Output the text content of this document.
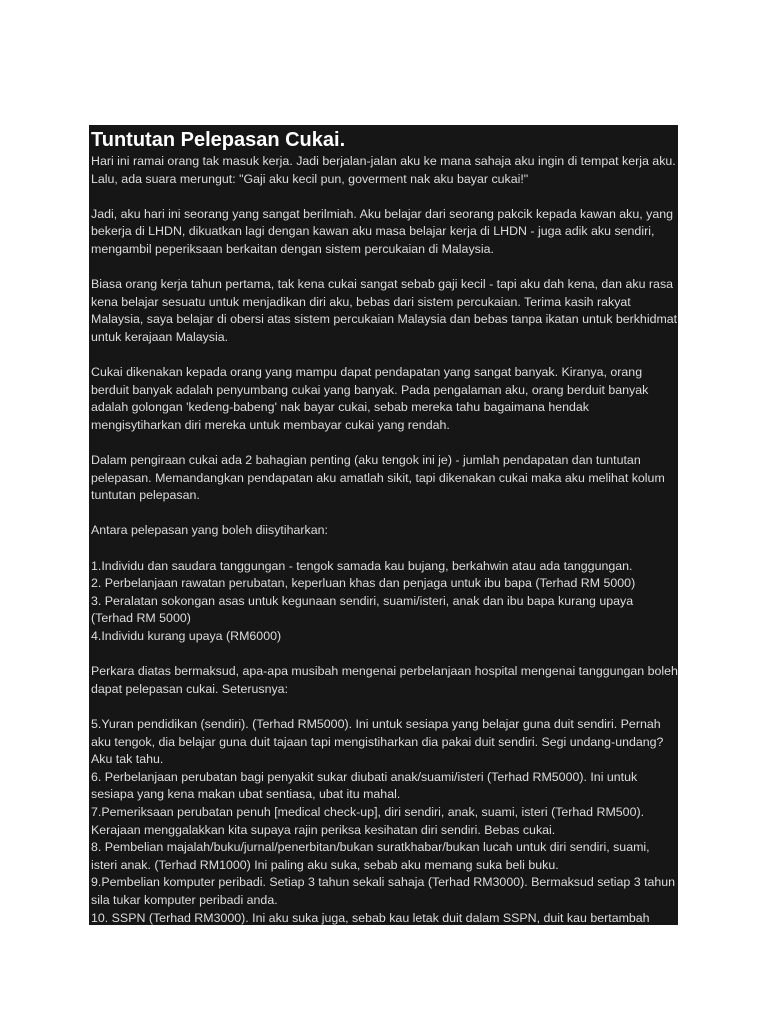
Tuntutan Pelepasan Cukai.

Hari ini ramai orang tak masuk kerja. Jadi berjalan-jalan aku ke mana sahaja aku ingin di tempat kerja aku. Lalu, ada suara merungut: "Gaji aku kecil pun, goverment nak aku bayar cukai!"

Jadi, aku hari ini seorang yang sangat berilmiah. Aku belajar dari seorang pakcik kepada kawan aku, yang bekerja di LHDN, dikuatkan lagi dengan kawan aku masa belajar kerja di LHDN - juga adik aku sendiri, mengambil peperiksaan berkaitan dengan sistem percukaian di Malaysia.

Biasa orang kerja tahun pertama, tak kena cukai sangat sebab gaji kecil - tapi aku dah kena, dan aku rasa kena belajar sesuatu untuk menjadikan diri aku, bebas dari sistem percukaian. Terima kasih rakyat Malaysia, saya belajar di obersi atas sistem percukaian Malaysia dan bebas tanpa ikatan untuk berkhidmat untuk kerajaan Malaysia.

Cukai dikenakan kepada orang yang mampu dapat pendapatan yang sangat banyak. Kiranya, orang berduit banyak adalah penyumbang cukai yang banyak. Pada pengalaman aku, orang berduit banyak adalah golongan 'kedeng-babeng' nak bayar cukai, sebab mereka tahu bagaimana hendak mengisytiharkan diri mereka untuk membayar cukai yang rendah.

Dalam pengiraan cukai ada 2 bahagian penting (aku tengok ini je) - jumlah pendapatan dan tuntutan pelepasan. Memandangkan pendapatan aku amatlah sikit, tapi dikenakan cukai maka aku melihat kolum tuntutan pelepasan.

Antara pelepasan yang boleh diisytiharkan:

1.Individu dan saudara tanggungan - tengok samada kau bujang, berkahwin atau ada tanggungan.

2. Perbelanjaan rawatan perubatan, keperluan khas dan penjaga untuk ibu bapa (Terhad RM 5000)

3. Peralatan sokongan asas untuk kegunaan sendiri, suami/isteri, anak dan ibu bapa kurang upaya (Terhad RM 5000)

4.Individu kurang upaya (RM6000)

Perkara diatas bermaksud, apa-apa musibah mengenai perbelanjaan hospital mengenai tanggungan boleh dapat pelepasan cukai. Seterusnya:

5.Yuran pendidikan (sendiri). (Terhad RM5000). Ini untuk sesiapa yang belajar guna duit sendiri. Pernah aku tengok, dia belajar guna duit tajaan tapi mengistiharkan dia pakai duit sendiri. Segi undang-undang? Aku tak tahu.

6. Perbelanjaan perubatan bagi penyakit sukar diubati anak/suami/isteri (Terhad RM5000). Ini untuk sesiapa yang kena makan ubat sentiasa, ubat itu mahal.

7.Pemeriksaan perubatan penuh [medical check-up], diri sendiri, anak, suami, isteri (Terhad RM500). Kerajaan menggalakkan kita supaya rajin periksa kesihatan diri sendiri. Bebas cukai.

8. Pembelian majalah/buku/jurnal/penerbitan/bukan suratkhabar/bukan lucah untuk diri sendiri, suami, isteri anak. (Terhad RM1000) Ini paling aku suka, sebab aku memang suka beli buku.

9.Pembelian komputer peribadi. Setiap 3 tahun sekali sahaja (Terhad RM3000). Bermaksud setiap 3 tahun sila tukar komputer peribadi anda.

10. SSPN (Terhad RM3000). Ini aku suka juga, sebab kau letak duit dalam SSPN, duit kau bertambah
